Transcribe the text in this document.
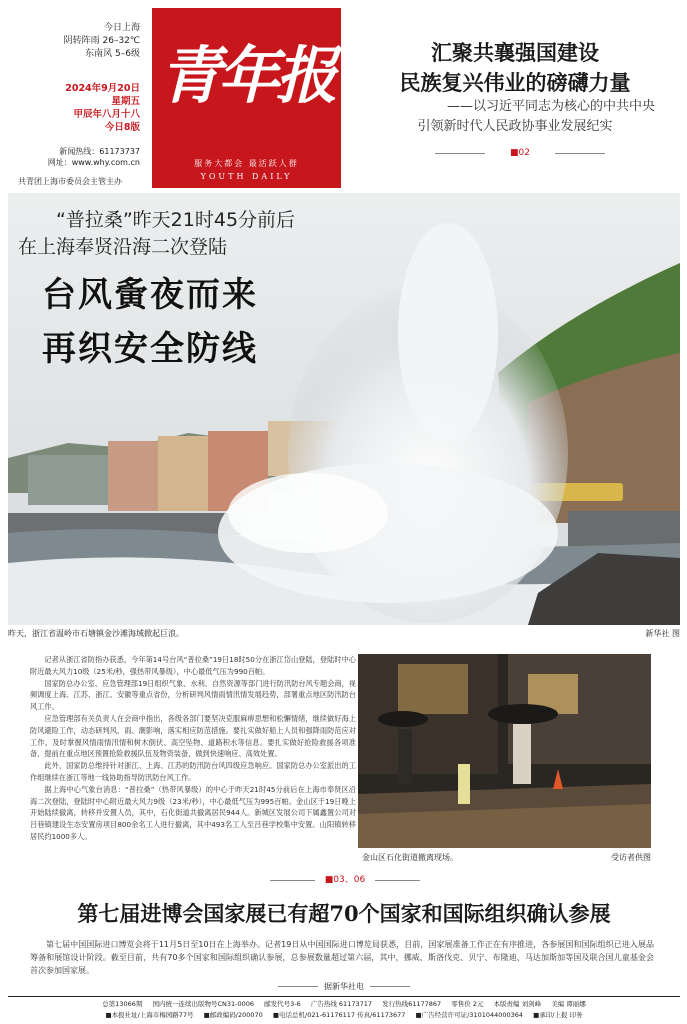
今日上海
阴转阵雨 26–32℃
东南风 5–6级
2024年9月20日
星期五
甲辰年八月十八
今日8版
新闻热线：61173737
网址：www.why.com.cn
共青团上海市委员会主管主办
青年报
服务大都会 最活跃人群
YOUTH DAILY
汇聚共襄强国建设
民族复兴伟业的磅礴力量
——以习近平同志为核心的中共中央
引领新时代人民政协事业发展纪实
■02
“普拉桑”昨天21时45分前后
在上海奉贤沿海二次登陆
台风夤夜而来
再织安全防线
昨天，浙江省温岭市石塘镇金沙滩海域掀起巨浪。	新华社 图

记者从浙江省防指办获悉，今年第14号台风“普拉桑”19日18时50分在浙江岱山登陆，登陆时中心附近最大风力10级（25米/秒，强热带风暴级），中心最低气压为990百帕。

国家防总办公室、应急管理部19日组织气象、水利、自然资源等部门进行防汛防台风专题会商，视频调度上海、江苏、浙江、安徽等重点省份，分析研判风情雨情汛情发展趋势，部署重点地区防汛防台风工作。

应急管理部有关负责人在会商中指出，各级各部门要坚决克服麻痹思想和松懈情绪，继续做好海上防风避险工作，动态研判风、雨、潮影响，落实相应防范措施。要扎实做好船上人员和强降雨防范应对工作，及时掌握风情雨情汛情和树木倒伏、高空坠物、道路积水等信息。要扎实做好抢险救援各项准备，提前在重点地区预置抢险救援队伍及物资装备，做到快速响应、高效处置。

此外，国家防总维持针对浙江、上海、江苏的防汛防台风四级应急响应。国家防总办公室派出的工作组继续在浙江等地一线协助指导防汛防台风工作。

据上海中心气象台消息：“普拉桑”（热带风暴级）的中心于昨天21时45分前后在上海市奉贤区沿海二次登陆，登陆时中心附近最大风力9级（23米/秒），中心最低气压为995百帕。金山区于19日晚上开始陆续撤离，转移并安置人员，其中，石化街道共撤离居民944人。新城区发展公司下属鑫置公司对吕巷镇建设生态安置房项目800余名工人进行撤离，其中493名工人至吕巷学校集中安置。山阳镇转移居民约1000多人。

金山区石化街道撤离现场。	受访者供图
■03、06
第七届进博会国家展已有超70个国家和国际组织确认参展
第七届中国国际进口博览会将于11月5日至10日在上海举办。记者19日从中国国际进口博览局获悉，目前，国家展准备工作正在有序推进，各参展国和国际组织已进入展品筹备和展馆设计阶段。截至目前，共有70多个国家和国际组织确认参展，总参展数量超过第六届，其中，挪威、斯洛伐克、贝宁、布隆迪、马达加斯加等国及联合国儿童基金会首次参加国家展。
据新华社电
总第13066期 国内统一连续出版物号CN31-0006 邮发代号3-6 广告热线 61173717 发行热线61177867 零售价 2元 本版责编 刘剑峰 美编 谭丽娜
■本报社址/上海市梅园路77号 ■邮政编码/200070 ■电话总机/021-61176117 传真/61173677 ■广告经营许可证/3101044000364 ■承印/上报 印务
